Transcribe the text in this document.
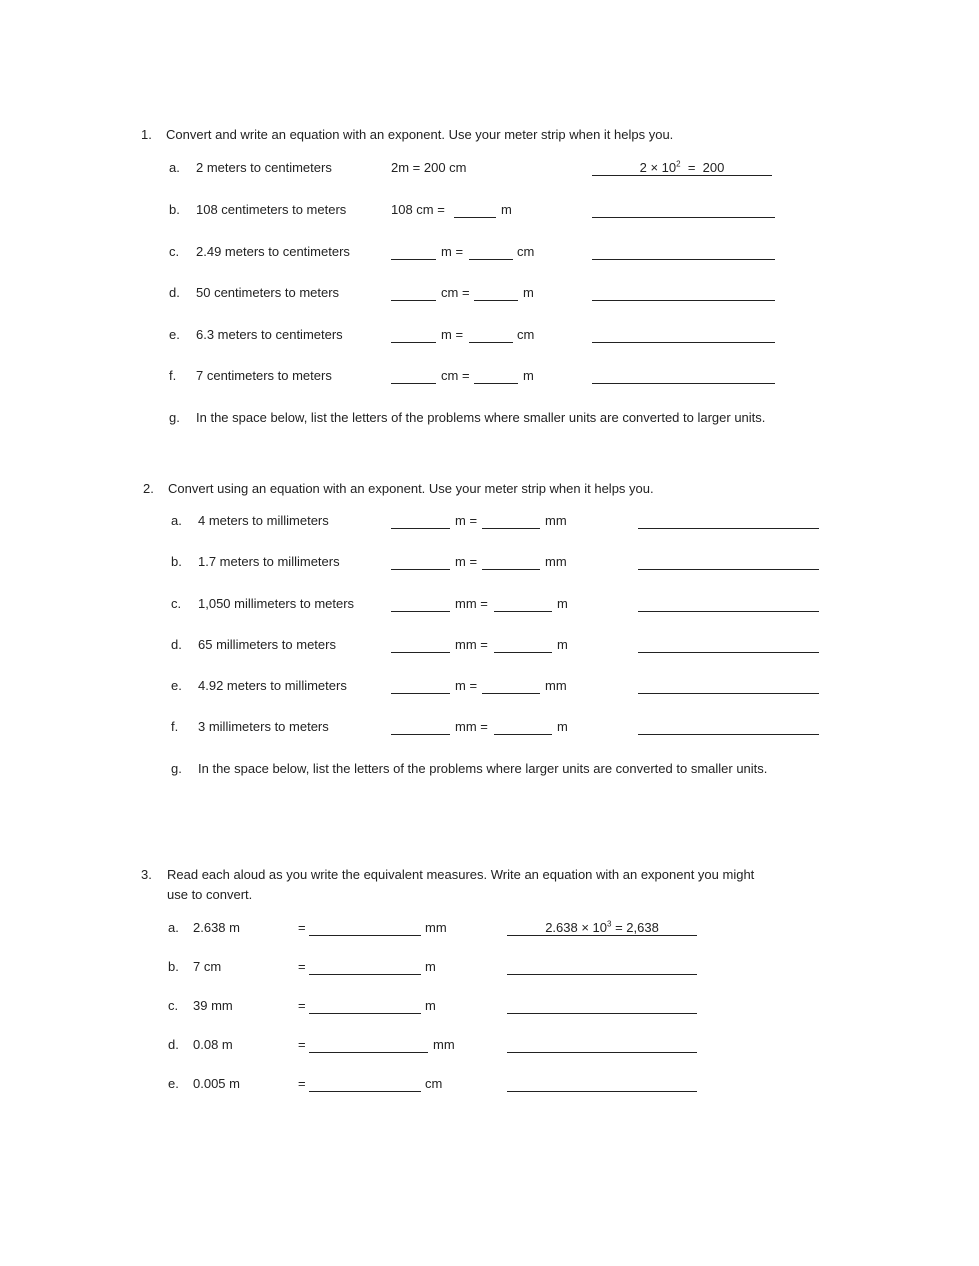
1. Convert and write an equation with an exponent. Use your meter strip when it helps you.
a. 2 meters to centimeters	2m = 200 cm	$2 \times 10^2 = 200$
b. 108 centimeters to meters	108 cm =	m
c. 2.49 meters to centimeters	m =	cm
d. 50 centimeters to meters	cm =	m
e. 6.3 meters to centimeters	m =	cm
f. 7 centimeters to meters	cm =	m
g. In the space below, list the letters of the problems where smaller units are converted to larger units.
2. Convert using an equation with an exponent. Use your meter strip when it helps you.
a. 4 meters to millimeters	m =	mm
b. 1.7 meters to millimeters	m =	mm
c. 1,050 millimeters to meters	mm =	m
d. 65 millimeters to meters	mm =	m
e. 4.92 meters to millimeters	m =	mm
f. 3 millimeters to meters	mm =	m
g. In the space below, list the letters of the problems where larger units are converted to smaller units.
3. Read each aloud as you write the equivalent measures. Write an equation with an exponent you might
use to convert.
a. 2.638 m	=	mm	$2.638 \times 10^3 = 2,638$
b. 7 cm	=	m
c. 39 mm	=	m
d. 0.08 m	=	mm
e. 0.005 m	=	cm
